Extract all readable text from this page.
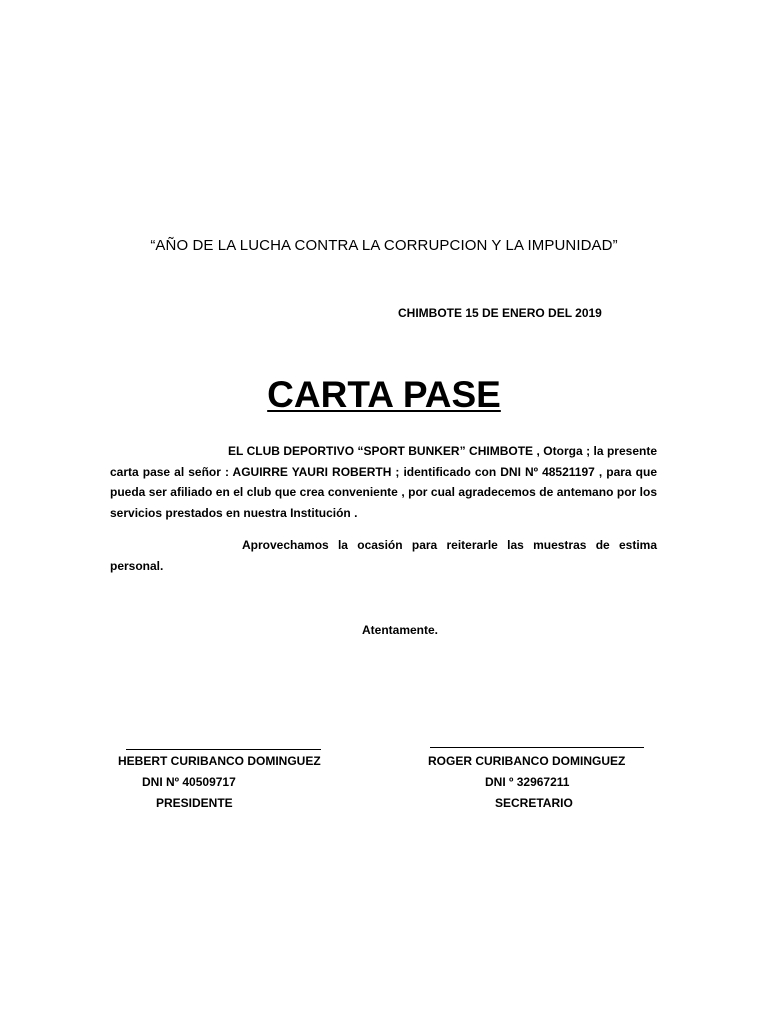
“AÑO DE LA LUCHA CONTRA LA CORRUPCION Y LA IMPUNIDAD”
CHIMBOTE 15 DE ENERO DEL 2019
CARTA PASE
EL CLUB DEPORTIVO “SPORT BUNKER” CHIMBOTE , Otorga ; la presente carta pase al señor : AGUIRRE YAURI ROBERTH ; identificado con DNI Nº 48521197 , para que pueda ser afiliado en el club que crea conveniente , por cual agradecemos de antemano por los servicios prestados en nuestra Institución .
Aprovechamos la ocasión para reiterarle las muestras de estima personal.
Atentamente.
HEBERT CURIBANCO DOMINGUEZ
DNI Nº 40509717
PRESIDENTE
ROGER CURIBANCO DOMINGUEZ
DNI º 32967211
SECRETARIO
